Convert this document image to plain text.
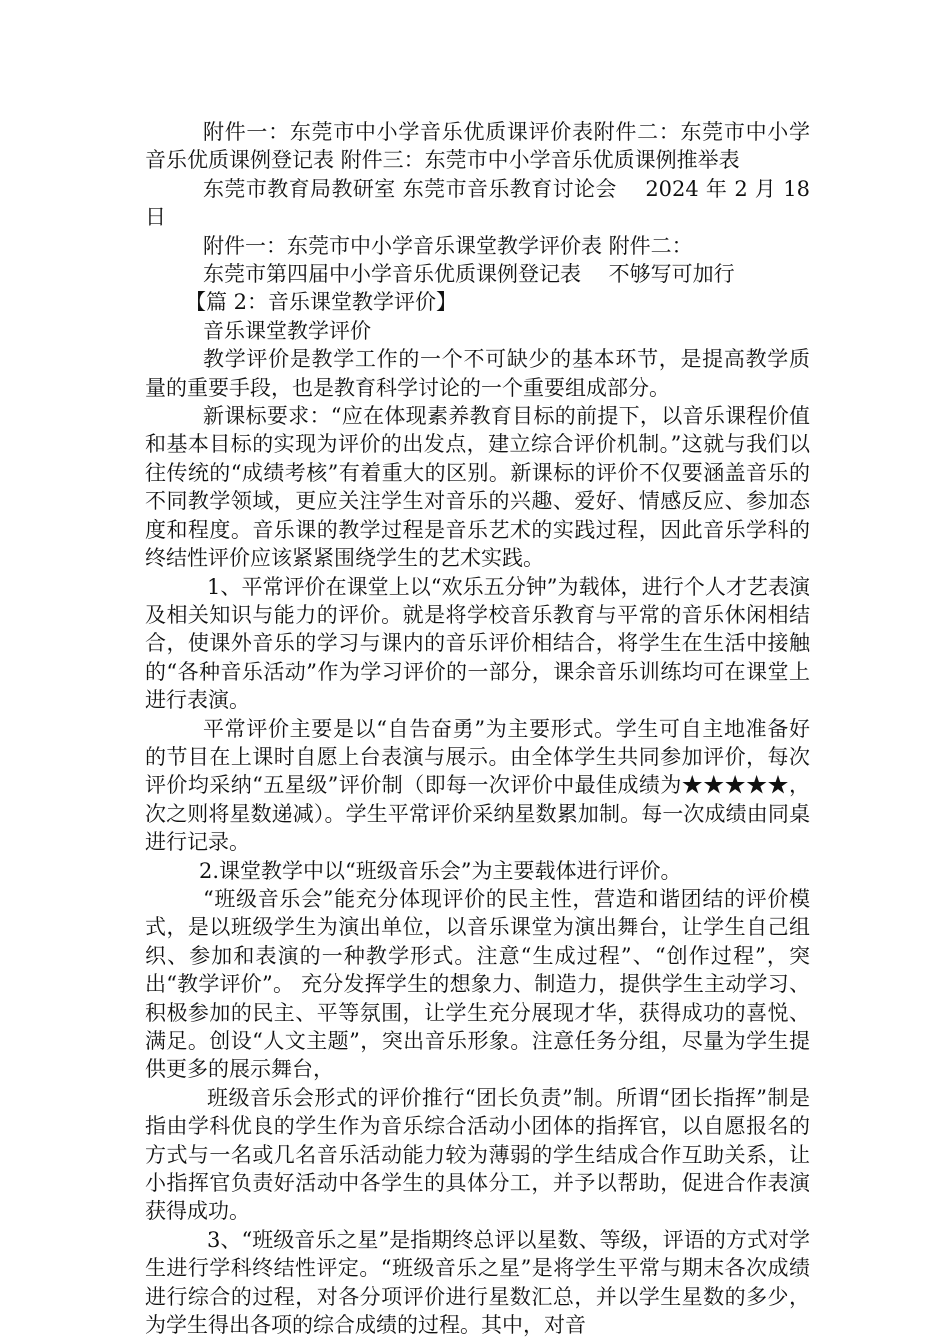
附件一：东莞市中小学音乐优质课评价表附件二：东莞市中小学音乐优质课例登记表 附件三：东莞市中小学音乐优质课例推举表

东莞市教育局教研室 东莞市音乐教育讨论会　 2024 年 2 月 18 日

附件一：东莞市中小学音乐课堂教学评价表 附件二：

东莞市第四届中小学音乐优质课例登记表　 不够写可加行

【篇 2：音乐课堂教学评价】

音乐课堂教学评价

教学评价是教学工作的一个不可缺少的基本环节，是提高教学质量的重要手段，也是教育科学讨论的一个重要组成部分。

新课标要求：“应在体现素养教育目标的前提下，以音乐课程价值和基本目标的实现为评价的出发点，建立综合评价机制。”这就与我们以往传统的“成绩考核”有着重大的区别。新课标的评价不仅要涵盖音乐的不同教学领域，更应关注学生对音乐的兴趣、爱好、情感反应、参加态度和程度。音乐课的教学过程是音乐艺术的实践过程，因此音乐学科的终结性评价应该紧紧围绕学生的艺术实践。

1、平常评价在课堂上以“欢乐五分钟”为载体，进行个人才艺表演及相关知识与能力的评价。就是将学校音乐教育与平常的音乐休闲相结合，使课外音乐的学习与课内的音乐评价相结合，将学生在生活中接触的“各种音乐活动”作为学习评价的一部分，课余音乐训练均可在课堂上进行表演。

平常评价主要是以“自告奋勇”为主要形式。学生可自主地准备好的节目在上课时自愿上台表演与展示。由全体学生共同参加评价，每次评价均采纳“五星级”评价制（即每一次评价中最佳成绩为★★★★★，次之则将星数递减）。学生平常评价采纳星数累加制。每一次成绩由同桌进行记录。

2.课堂教学中以“班级音乐会”为主要载体进行评价。

“班级音乐会”能充分体现评价的民主性，营造和谐团结的评价模式，是以班级学生为演出单位，以音乐课堂为演出舞台，让学生自己组织、参加和表演的一种教学形式。注意“生成过程”、“创作过程”，突出“教学评价”。 充分发挥学生的想象力、制造力，提供学生主动学习、积极参加的民主、平等氛围，让学生充分展现才华，获得成功的喜悦、满足。创设“人文主题”，突出音乐形象。注意任务分组，尽量为学生提供更多的展示舞台，

班级音乐会形式的评价推行“团长负责”制。所谓“团长指挥”制是指由学科优良的学生作为音乐综合活动小团体的指挥官，以自愿报名的方式与一名或几名音乐活动能力较为薄弱的学生结成合作互助关系，让小指挥官负责好活动中各学生的具体分工，并予以帮助，促进合作表演获得成功。

3、“班级音乐之星”是指期终总评以星数、等级，评语的方式对学生进行学科终结性评定。“班级音乐之星”是将学生平常与期末各次成绩进行综合的过程，对各分项评价进行星数汇总，并以学生星数的多少，为学生得出各项的综合成绩的过程。其中，对音
